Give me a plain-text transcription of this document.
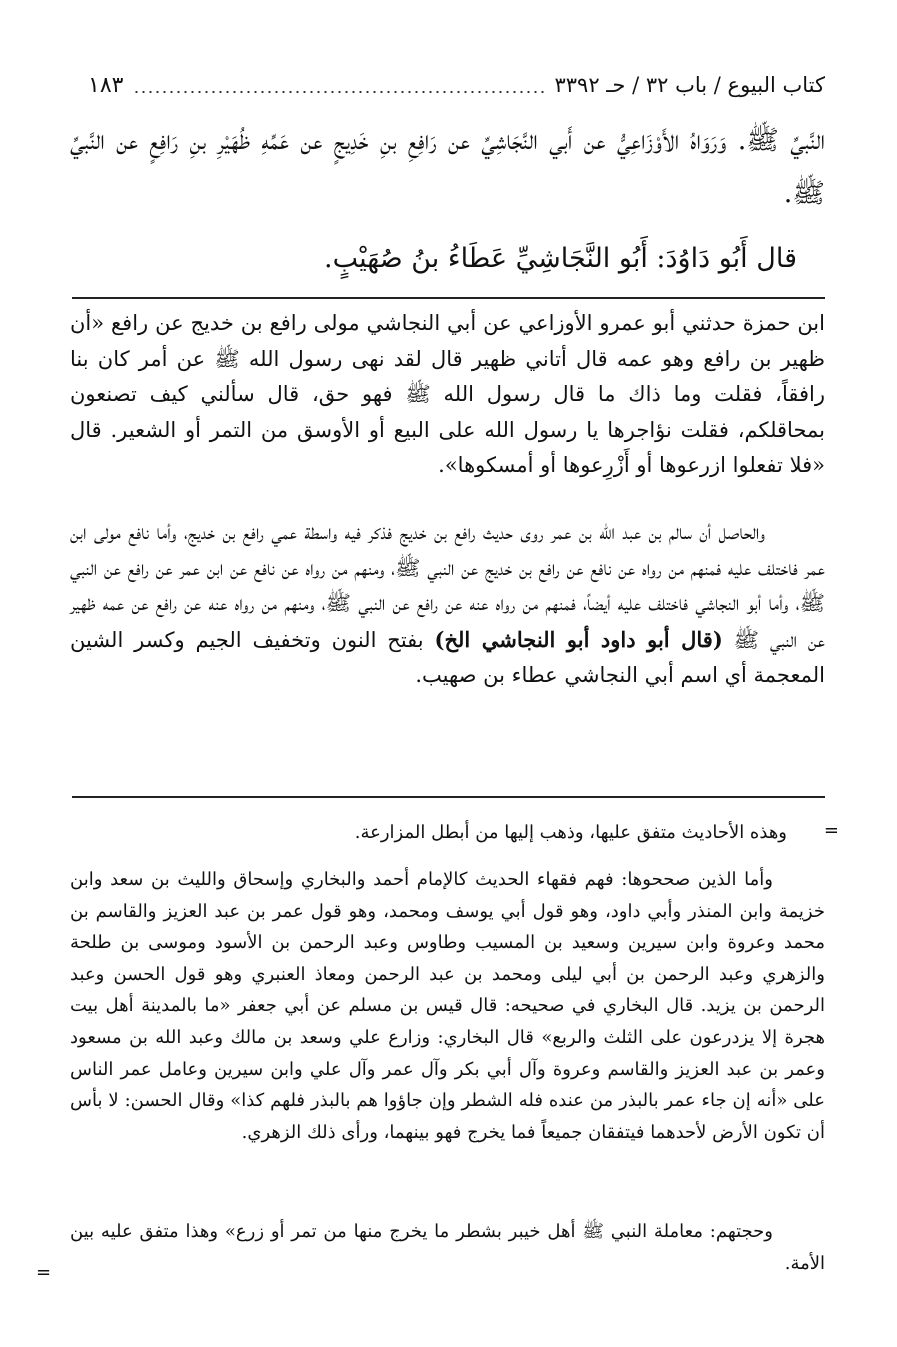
كتاب البيوع / باب ٣٢ / حـ ٣٣٩٢
١٨٣

النَّبيِّ ﷺ. وَرَوَاهُ الأَوْزَاعِيُّ عن أَبي النَّجَاشِيِّ عن رَافِعِ بنِ خَدِيجٍ عن عَمِّهِ ظُهَيْرِ بنِ رَافِعٍ عن النَّبيِّ ﷺ.

قال أَبُو دَاوُدَ: أَبُو النَّجَاشِيِّ عَطَاءُ بنُ صُهَيْبٍ.

ابن حمزة حدثني أبو عمرو الأوزاعي عن أبي النجاشي مولى رافع بن خديج عن رافع «أن ظهير بن رافع وهو عمه قال أتاني ظهير قال لقد نهى رسول الله ﷺ عن أمر كان بنا رافقاً، فقلت وما ذاك ما قال رسول الله ﷺ فهو حق، قال سألني كيف تصنعون بمحاقلكم، فقلت نؤاجرها يا رسول الله على البيع أو الأوسق من التمر أو الشعير. قال «فلا تفعلوا ازرعوها أو أَزْرِعوها أو أمسكوها».

والحاصل أن سالم بن عبد الله بن عمر روى حديث رافع بن خديج فذكر فيه واسطة عمي رافع بن خديج، وأما نافع مولى ابن عمر فاختلف عليه فمنهم من رواه عن نافع عن رافع بن خديج عن النبي ﷺ، ومنهم من رواه عن نافع عن ابن عمر عن رافع عن النبي ﷺ، وأما أبو النجاشي فاختلف عليه أيضاً، فمنهم من رواه عنه عن رافع عن النبي ﷺ، ومنهم من رواه عنه عن رافع عن عمه ظهير عن النبي ﷺ (قال أبو داود أبو النجاشي الخ) بفتح النون وتخفيف الجيم وكسر الشين المعجمة أي اسم أبي النجاشي عطاء بن صهيب.

=

وهذه الأحاديث متفق عليها، وذهب إليها من أبطل المزارعة.

وأما الذين صححوها: فهم فقهاء الحديث كالإمام أحمد والبخاري وإسحاق والليث بن سعد وابن خزيمة وابن المنذر وأبي داود، وهو قول أبي يوسف ومحمد، وهو قول عمر بن عبد العزيز والقاسم بن محمد وعروة وابن سيرين وسعيد بن المسيب وطاوس وعبد الرحمن بن الأسود وموسى بن طلحة والزهري وعبد الرحمن بن أبي ليلى ومحمد بن عبد الرحمن ومعاذ العنبري وهو قول الحسن وعبد الرحمن بن يزيد. قال البخاري في صحيحه: قال قيس بن مسلم عن أبي جعفر «ما بالمدينة أهل بيت هجرة إلا يزدرعون على الثلث والربع» قال البخاري: وزارع علي وسعد بن مالك وعبد الله بن مسعود وعمر بن عبد العزيز والقاسم وعروة وآل أبي بكر وآل عمر وآل علي وابن سيرين وعامل عمر الناس على «أنه إن جاء عمر بالبذر من عنده فله الشطر وإن جاؤوا هم بالبذر فلهم كذا» وقال الحسن: لا بأس أن تكون الأرض لأحدهما فيتفقان جميعاً فما يخرج فهو بينهما، ورأى ذلك الزهري.

وحجتهم: معاملة النبي ﷺ أهل خيبر بشطر ما يخرج منها من تمر أو زرع» وهذا متفق عليه بين الأمة.

=
